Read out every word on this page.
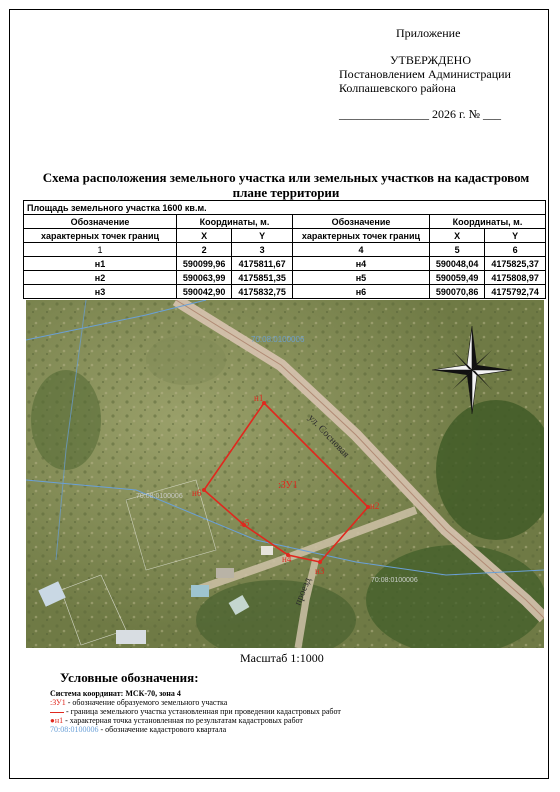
Приложение
УТВЕРЖДЕНО
Постановлением Администрации
Колпашевского района
_______________ 2026 г. № ___
Схема расположения земельного участка или земельных участков на кадастровом плане территории
Площадь земельного участка 1600 кв.м.					
Обозначение	Координаты, м.		Обозначение	Координаты, м.	
характерных точек границ	X	Y	характерных точек границ	X	Y
1	2	3	4	5	6
н1	590099,96	4175811,67	н4	590048,04	4175825,37
н2	590063,99	4175851,35	н5	590059,49	4175808,97
н3	590042,90	4175832,75	н6	590070,86	4175792,74
н1
н2
н3
н4
н5
н6
:ЗУ1
ул. Сосновая
проезд
70:08:0100006
70:08:0100006
70:08:0100006
Масштаб 1:1000
Условные обозначения:
Система координат: МСК-70, зона 4
:ЗУ1 - обозначение образуемого земельного участка
- граница земельного участка установленная при проведении кадастровых работ
●н1 - характерная точка установленная по результатам кадастровых работ
70:08:0100006 - обозначение кадастрового квартала
